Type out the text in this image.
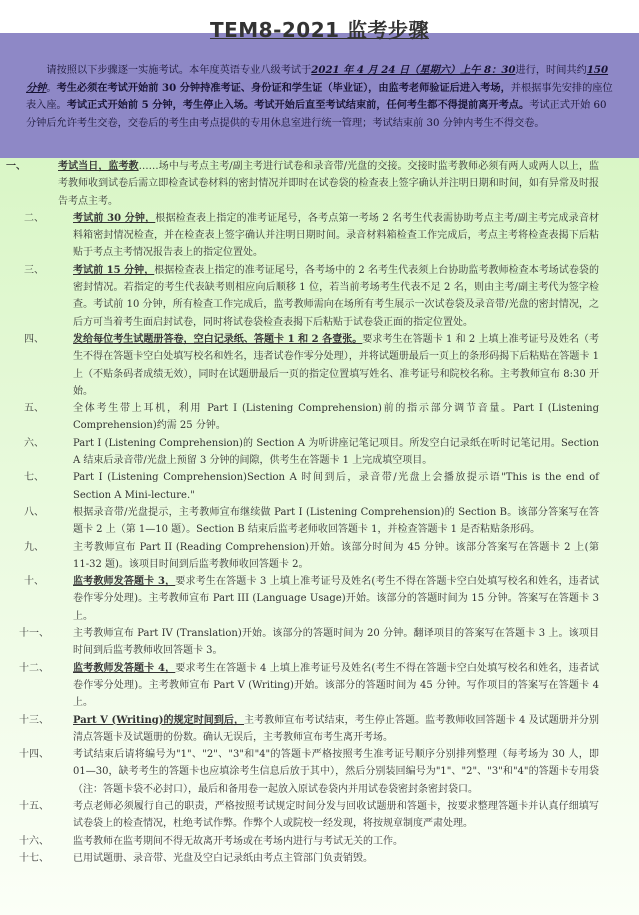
TEM8-2021 监考步骤
请按照以下步骤逐一实施考试。本年度英语专业八级考试于2021 年 4 月 24 日（星期六）上午 8：30进行，时间共约150 分钟。考生必须在考试开始前 30 分钟持准考证、身份证和学生证（毕业证），由监考老师验证后进入考场，并根据事先安排的座位表入座。考试正式开始前 5 分钟，考生停止入场。考试开始后直至考试结束前，任何考生都不得提前离开考点。考试正式开始 60 分钟后允许考生交卷，交卷后的考生由考点提供的专用休息室进行统一管理；考试结束前 30 分钟内考生不得交卷。
一、	考试当日，监考教……场中与考点主考/副主考进行试卷和录音带/光盘的交接。交接时监考教师必须有两人或两人以上，监考教师收到试卷后需立即检查试卷材料的密封情况并即时在试卷袋的检查表上签字确认并注明日期和时间，如有异常及时报告考点主考。
二、	考试前 30 分钟，根据检查表上指定的准考证尾号，各考点第一考场 2 名考生代表需协助考点主考/副主考完成录音材料箱密封情况检查，并在检查表上签字确认并注明日期时间。录音材料箱检查工作完成后，考点主考将检查表揭下后粘贴于考点主考情况报告表上的指定位置处。
三、	考试前 15 分钟，根据检查表上指定的准考证尾号，各考场中的 2 名考生代表须上台协助监考教师检查本考场试卷袋的密封情况。若指定的考生代表缺考则相应向后顺移 1 位，若当前考场考生代表不足 2 名，则由主考/副主考代为签字检查。考试前 10 分钟，所有检查工作完成后，监考教师需向在场所有考生展示一次试卷袋及录音带/光盘的密封情况，之后方可当着考生面启封试卷，同时将试卷袋检查表揭下后粘贴于试卷袋正面的指定位置处。
四、	发给每位考生试题册答卷，空白记录纸、答题卡 1 和 2 各壹张。要求考生在答题卡 1 和 2 上填上准考证号及姓名（考生不得在答题卡空白处填写校名和姓名，违者试卷作零分处理），并将试题册最后一页上的条形码揭下后粘贴在答题卡 1 上（不贴条码者成绩无效），同时在试题册最后一页的指定位置填写姓名、准考证号和院校名称。主考教师宣布 8:30 开始。
五、	全体考生带上耳机，利用 Part I (Listening Comprehension)前的指示部分调节音量。Part I (Listening Comprehension)约需 25 分钟。
六、	Part I (Listening Comprehension)的 Section A 为听讲座记笔记项目。所发空白记录纸在听时记笔记用。Section A 结束后录音带/光盘上预留 3 分钟的间隙，供考生在答题卡 1 上完成填空项目。
七、	Part I (Listening Comprehension)Section A 时间到后，录音带/光盘上会播放提示语"This is the end of Section A Mini-lecture."
八、	根据录音带/光盘提示，主考教师宣布继续做 Part I (Listening Comprehension)的 Section B。该部分答案写在答题卡 2 上（第 1—10 题）。Section B 结束后监考老师收回答题卡 1，并检查答题卡 1 是否粘贴条形码。
九、	主考教师宣布 Part II (Reading Comprehension)开始。该部分时间为 45 分钟。该部分答案写在答题卡 2 上(第 11-32 题)。该项目时间到后监考教师收回答题卡 2。
十、	监考教师发答题卡 3，要求考生在答题卡 3 上填上准考证号及姓名(考生不得在答题卡空白处填写校名和姓名，违者试卷作零分处理)。主考教师宣布 Part III (Language Usage)开始。该部分的答题时间为 15 分钟。答案写在答题卡 3 上。
十一、	主考教师宣布 Part IV (Translation)开始。该部分的答题时间为 20 分钟。翻译项目的答案写在答题卡 3 上。该项目时间到后监考教师收回答题卡 3。
十二、	监考教师发答题卡 4，要求考生在答题卡 4 上填上准考证号及姓名(考生不得在答题卡空白处填写校名和姓名，违者试卷作零分处理)。主考教师宣布 Part V (Writing)开始。该部分的答题时间为 45 分钟。写作项目的答案写在答题卡 4 上。
十三、	Part V (Writing)的规定时间到后，主考教师宣布考试结束，考生停止答题。监考教师收回答题卡 4 及试题册并分别清点答题卡及试题册的份数。确认无误后，主考教师宣布考生离开考场。
十四、	考试结束后请将编号为"1"、"2"、"3"和"4"的答题卡严格按照考生准考证号顺序分别排列整理（每考场为 30 人，即 01—30，缺考考生的答题卡也应填涂考生信息后放于其中），然后分别装回编号为"1"、"2"、"3"和"4"的答题卡专用袋（注：答题卡袋不必封口），最后和备用卷一起放入原试卷袋内并用试卷袋密封条密封袋口。
十五、	考点老师必须履行自己的职责，严格按照考试规定时间分发与回收试题册和答题卡，按要求整理答题卡并认真仔细填写试卷袋上的检查情况，杜绝考试作弊。作弊个人或院校一经发现，将按规章制度严肃处理。
十六、	监考教师在监考期间不得无故离开考场或在考场内进行与考试无关的工作。
十七、	已用试题册、录音带、光盘及空白记录纸由考点主管部门负责销毁。
